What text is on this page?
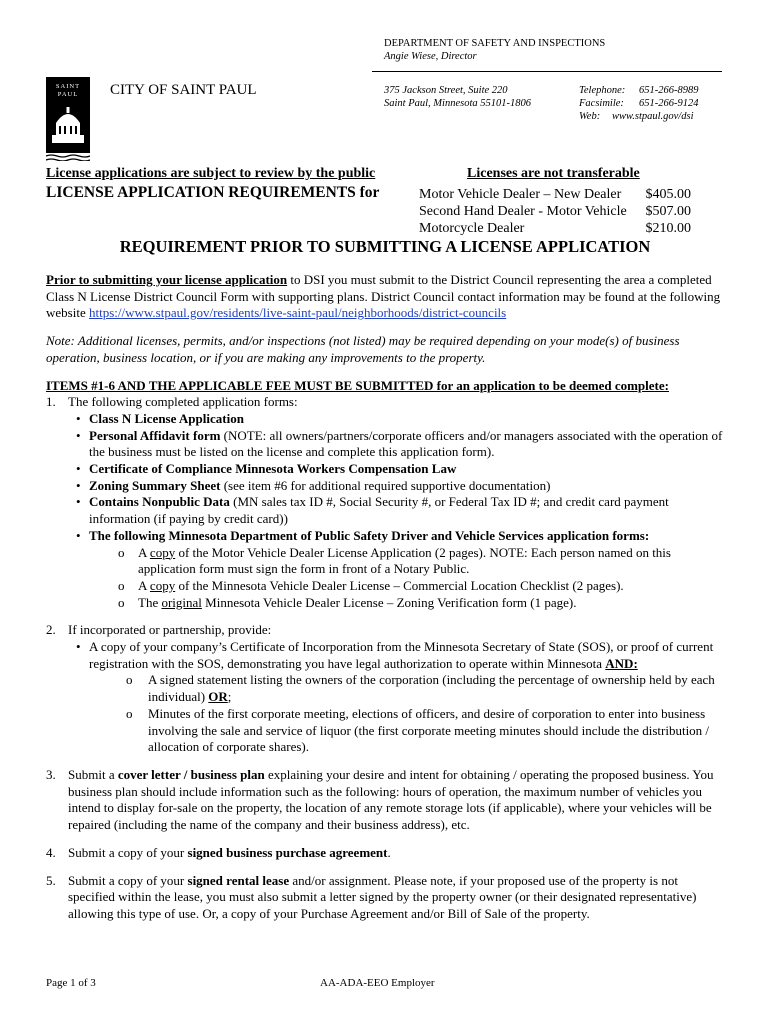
DEPARTMENT OF SAFETY AND INSPECTIONS
Angie Wiese, Director
SAINT
PAUL CITY OF SAINT PAUL	375 Jackson Street, Suite 220
Saint Paul, Minnesota 55101-1806
Telephone: 651-266-8989
Facsimile: 651-266-9124
Web: www.stpaul.gov/dsi
License applications are subject to review by the public	Licenses are not transferable
LICENSE APPLICATION REQUIREMENTS for	Motor Vehicle Dealer – New Dealer $405.00
Second Hand Dealer - Motor Vehicle $507.00
Motorcycle Dealer	$210.00
REQUIREMENT PRIOR TO SUBMITTING A LICENSE APPLICATION

Prior to submitting your license application to DSI you must submit to the District Council representing the area a completed Class N License District Council Form with supporting plans. District Council contact information may be found at the following website https://www.stpaul.gov/residents/live-saint-paul/neighborhoods/district-councils

Note: Additional licenses, permits, and/or inspections (not listed) may be required depending on your mode(s) of business operation, business location, or if you are making any improvements to the property.

ITEMS #1-6 AND THE APPLICABLE FEE MUST BE SUBMITTED for an application to be deemed complete:

1. The following completed application forms:
• Class N License Application
• Personal Affidavit form (NOTE: all owners/partners/corporate officers and/or managers associated with the operation of the business must be listed on the license and complete this application form).
• Certificate of Compliance Minnesota Workers Compensation Law
• Zoning Summary Sheet (see item #6 for additional required supportive documentation)
• Contains Nonpublic Data (MN sales tax ID #, Social Security #, or Federal Tax ID #; and credit card payment information (if paying by credit card))
• The following Minnesota Department of Public Safety Driver and Vehicle Services application forms:
o	A copy of the Motor Vehicle Dealer License Application (2 pages). NOTE: Each person named on this application form must sign the form in front of a Notary Public.
o	A copy of the Minnesota Vehicle Dealer License – Commercial Location Checklist (2 pages).
o	The original Minnesota Vehicle Dealer License – Zoning Verification form (1 page).
2. If incorporated or partnership, provide:
• A copy of your company’s Certificate of Incorporation from the Minnesota Secretary of State (SOS), or proof of current registration with the SOS, demonstrating you have legal authorization to operate within Minnesota AND:
o	A signed statement listing the owners of the corporation (including the percentage of ownership held by each individual) OR;
o	Minutes of the first corporate meeting, elections of officers, and desire of corporation to enter into business involving the sale and service of liquor (the first corporate meeting minutes should include the distribution / allocation of corporate shares).
3. Submit a cover letter / business plan explaining your desire and intent for obtaining / operating the proposed business. You business plan should include information such as the following: hours of operation, the maximum number of vehicles you intend to display for-sale on the property, the location of any remote storage lots (if applicable), where your vehicles will be repaired (including the name of the company and their business address), etc.
4. Submit a copy of your signed business purchase agreement.
5. Submit a copy of your signed rental lease and/or assignment. Please note, if your proposed use of the property is not specified within the lease, you must also submit a letter signed by the property owner (or their designated representative) allowing this type of use. Or, a copy of your Purchase Agreement and/or Bill of Sale of the property.
Page 1 of 3	AA-ADA-EEO Employer
